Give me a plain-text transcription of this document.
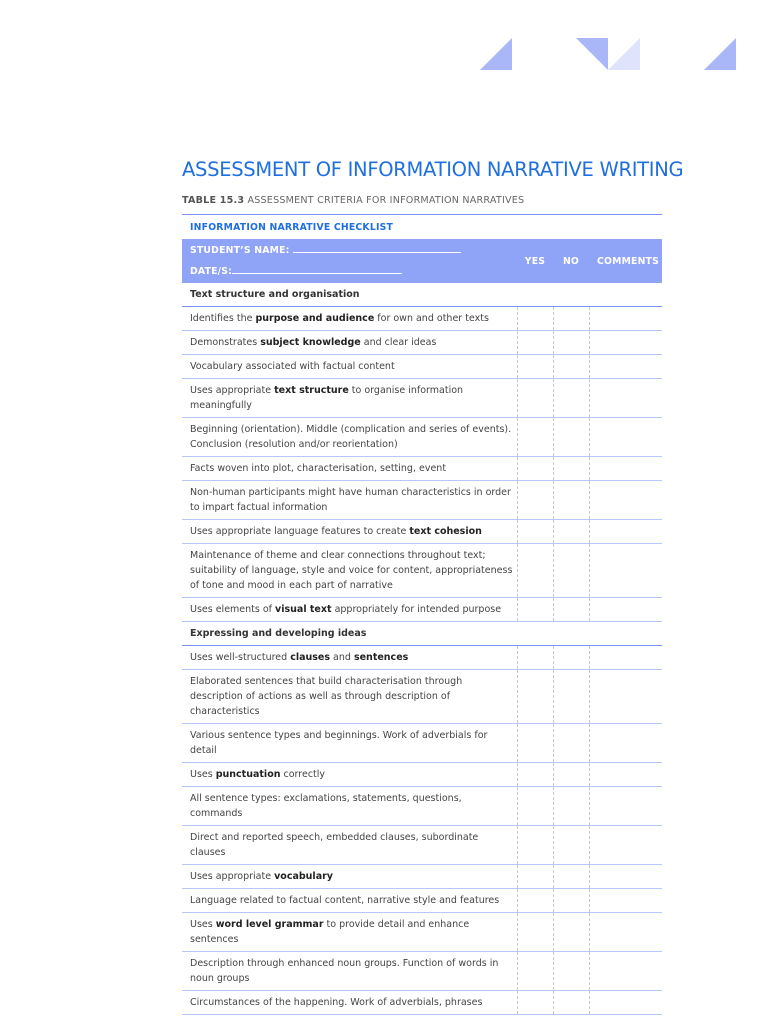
ASSESSMENT OF INFORMATION NARRATIVE WRITING
TABLE 15.3 ASSESSMENT CRITERIA FOR INFORMATION NARRATIVES
INFORMATION NARRATIVE CHECKLIST			

STUDENT’S NAME:
DATE/S:	YES	NO	COMMENTS
Text structure and organisation			
Identifies the purpose and audience for own and other texts			
Demonstrates subject knowledge and clear ideas			
Vocabulary associated with factual content			
Uses appropriate text structure to organise information meaningfully			
Beginning (orientation). Middle (complication and series of events). Conclusion (resolution and/or reorientation)			
Facts woven into plot, characterisation, setting, event			
Non-human participants might have human characteristics in order to impart factual information			
Uses appropriate language features to create text cohesion			
Maintenance of theme and clear connections throughout text; suitability of language, style and voice for content, appropriateness of tone and mood in each part of narrative			
Uses elements of visual text appropriately for intended purpose			
Expressing and developing ideas			
Uses well-structured clauses and sentences			
Elaborated sentences that build characterisation through description of actions as well as through description of characteristics			
Various sentence types and beginnings. Work of adverbials for detail			
Uses punctuation correctly			
All sentence types: exclamations, statements, questions, commands			
Direct and reported speech, embedded clauses, subordinate clauses			
Uses appropriate vocabulary			
Language related to factual content, narrative style and features			
Uses word level grammar to provide detail and enhance sentences			
Description through enhanced noun groups. Function of words in noun groups			
Circumstances of the happening. Work of adverbials, phrases			
